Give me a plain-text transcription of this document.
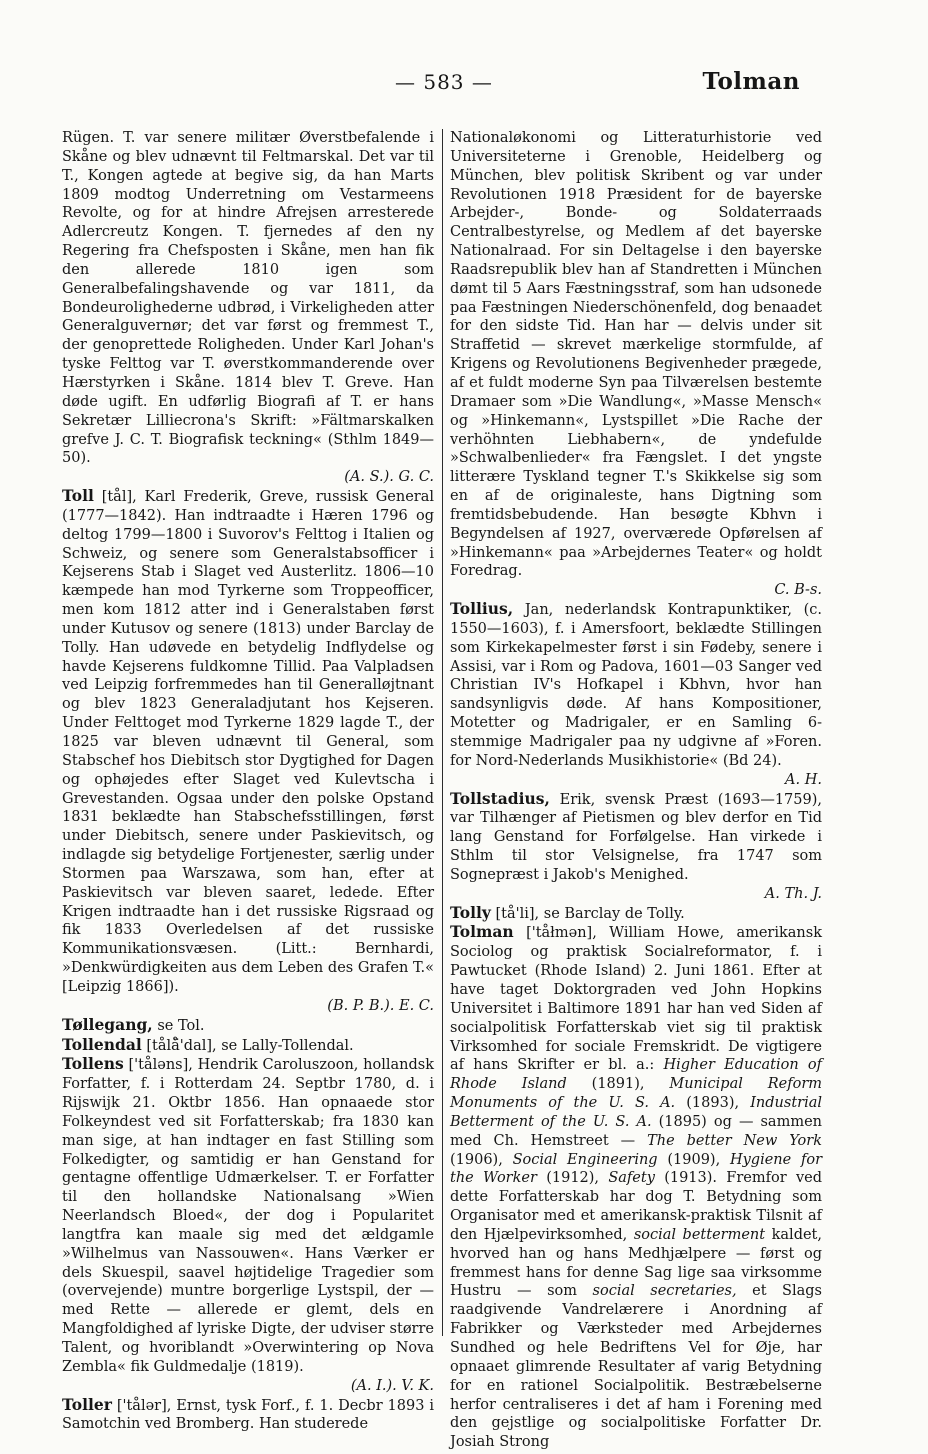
— 583 —	Tolman

Rügen. T. var senere militær Øverstbefalende i Skåne og blev udnævnt til Feltmarskal. Det var til T., Kongen agtede at begive sig, da han Marts 1809 modtog Underretning om Vestarmeens Revolte, og for at hindre Afrejsen arresterede Adlercreutz Kongen. T. fjernedes af den ny Regering fra Chefsposten i Skåne, men han fik den allerede 1810 igen som Generalbefalingshavende og var 1811, da Bondeurolighederne udbrød, i Virkeligheden atter Generalguvernør; det var først og fremmest T., der genoprettede Roligheden. Under Karl Johan's tyske Felttog var T. øverstkommanderende over Hærstyrken i Skåne. 1814 blev T. Greve. Han døde ugift. En udførlig Biografi af T. er hans Sekretær Lilliecrona's Skrift: »Fältmarskalken grefve J. C. T. Biografisk teckning« (Sthlm 1849—50).
(A. S.). G. C.

Toll [tål], Karl Frederik, Greve, russisk General (1777—1842). Han indtraadte i Hæren 1796 og deltog 1799—1800 i Suvorov's Felttog i Italien og Schweiz, og senere som Generalstabsofficer i Kejserens Stab i Slaget ved Austerlitz. 1806—10 kæmpede han mod Tyrkerne som Troppeofficer, men kom 1812 atter ind i Generalstaben først under Kutusov og senere (1813) under Barclay de Tolly. Han udøvede en betydelig Indflydelse og havde Kejserens fuldkomne Tillid. Paa Valpladsen ved Leipzig forfremmedes han til Generalløjtnant og blev 1823 Generaladjutant hos Kejseren. Under Felttoget mod Tyrkerne 1829 lagde T., der 1825 var bleven udnævnt til General, som Stabschef hos Diebitsch stor Dygtighed for Dagen og ophøjedes efter Slaget ved Kulevtscha i Grevestanden. Ogsaa under den polske Opstand 1831 beklædte han Stabschefsstillingen, først under Diebitsch, senere under Paskievitsch, og indlagde sig betydelige Fortjenester, særlig under Stormen paa Warszawa, som han, efter at Paskievitsch var bleven saaret, ledede. Efter Krigen indtraadte han i det russiske Rigsraad og fik 1833 Overledelsen af det russiske Kommunikationsvæsen. (Litt.: Bernhardi, »Denkwürdigkeiten aus dem Leben des Grafen T.« [Leipzig 1866]).
(B. P. B.). E. C.

Tøllegang, se Tol.

Tollendal [tålå̈'dal], se Lally-Tollendal.

Tollens ['tålǝns], Hendrik Caroluszoon, hollandsk Forfatter, f. i Rotterdam 24. Septbr 1780, d. i Rijswijk 21. Oktbr 1856. Han opnaaede stor Folkeyndest ved sit Forfatterskab; fra 1830 kan man sige, at han indtager en fast Stilling som Folkedigter, og samtidig er han Genstand for gentagne offentlige Udmærkelser. T. er Forfatter til den hollandske Nationalsang »Wien Neerlandsch Bloed«, der dog i Popularitet langtfra kan maale sig med det ældgamle »Wilhelmus van Nassouwen«. Hans Værker er dels Skuespil, saavel højtidelige Tragedier som (overvejende) muntre borgerlige Lystspil, der — med Rette — allerede er glemt, dels en Mangfoldighed af lyriske Digte, der udviser større Talent, og hvoriblandt »Overwintering op Nova Zembla« fik Guldmedalje (1819).
(A. I.). V. K.

Toller ['tålǝr], Ernst, tysk Forf., f. 1. Decbr 1893 i Samotchin ved Bromberg. Han studerede

Nationaløkonomi og Litteraturhistorie ved Universiteterne i Grenoble, Heidelberg og München, blev politisk Skribent og var under Revolutionen 1918 Præsident for de bayerske Arbejder-, Bonde- og Soldaterraads Centralbestyrelse, og Medlem af det bayerske Nationalraad. For sin Deltagelse i den bayerske Raadsrepublik blev han af Standretten i München dømt til 5 Aars Fæstningsstraf, som han udsonede paa Fæstningen Niederschönenfeld, dog benaadet for den sidste Tid. Han har — delvis under sit Straffetid — skrevet mærkelige stormfulde, af Krigens og Revolutionens Begivenheder prægede, af et fuldt moderne Syn paa Tilværelsen bestemte Dramaer som »Die Wandlung«, »Masse Mensch« og »Hinkemann«, Lystspillet »Die Rache der verhöhnten Liebhabern«, de yndefulde »Schwalbenlieder« fra Fængslet. I det yngste litterære Tyskland tegner T.'s Skikkelse sig som en af de originaleste, hans Digtning som fremtidsbebudende. Han besøgte Kbhvn i Begyndelsen af 1927, overværede Opførelsen af »Hinkemann« paa »Arbejdernes Teater« og holdt Foredrag.
C. B-s.

Tollius, Jan, nederlandsk Kontrapunktiker, (c. 1550—1603), f. i Amersfoort, beklædte Stillingen som Kirkekapelmester først i sin Fødeby, senere i Assisi, var i Rom og Padova, 1601—03 Sanger ved Christian IV's Hofkapel i Kbhvn, hvor han sandsynligvis døde. Af hans Kompositioner, Motetter og Madrigaler, er en Samling 6-stemmige Madrigaler paa ny udgivne af »Foren. for Nord-Nederlands Musikhistorie« (Bd 24).
A. H.

Tollstadius, Erik, svensk Præst (1693—1759), var Tilhænger af Pietismen og blev derfor en Tid lang Genstand for Forfølgelse. Han virkede i Sthlm til stor Velsignelse, fra 1747 som Sognepræst i Jakob's Menighed.
A. Th. J.

Tolly [tå'li], se Barclay de Tolly.

Tolman ['tåłmǝn], William Howe, amerikansk Sociolog og praktisk Socialreformator, f. i Pawtucket (Rhode Island) 2. Juni 1861. Efter at have taget Doktorgraden ved John Hopkins Universitet i Baltimore 1891 har han ved Siden af socialpolitisk Forfatterskab viet sig til praktisk Virksomhed for sociale Fremskridt. De vigtigere af hans Skrifter er bl. a.: Higher Education of Rhode Island (1891), Municipal Reform Monuments of the U. S. A. (1893), Industrial Betterment of the U. S. A. (1895) og — sammen med Ch. Hemstreet — The better New York (1906), Social Engineering (1909), Hygiene for the Worker (1912), Safety (1913). Fremfor ved dette Forfatterskab har dog T. Betydning som Organisator med et amerikansk-praktisk Tilsnit af den Hjælpevirksomhed, social betterment kaldet, hvorved han og hans Medhjælpere — først og fremmest hans for denne Sag lige saa virksomme Hustru — som social secretaries, et Slags raadgivende Vandrelærere i Anordning af Fabrikker og Værksteder med Arbejdernes Sundhed og hele Bedriftens Vel for Øje, har opnaaet glimrende Resultater af varig Betydning for en rationel Socialpolitik. Bestræbelserne herfor centraliseres i det af ham i Forening med den gejstlige og socialpolitiske Forfatter Dr. Josiah Strong
